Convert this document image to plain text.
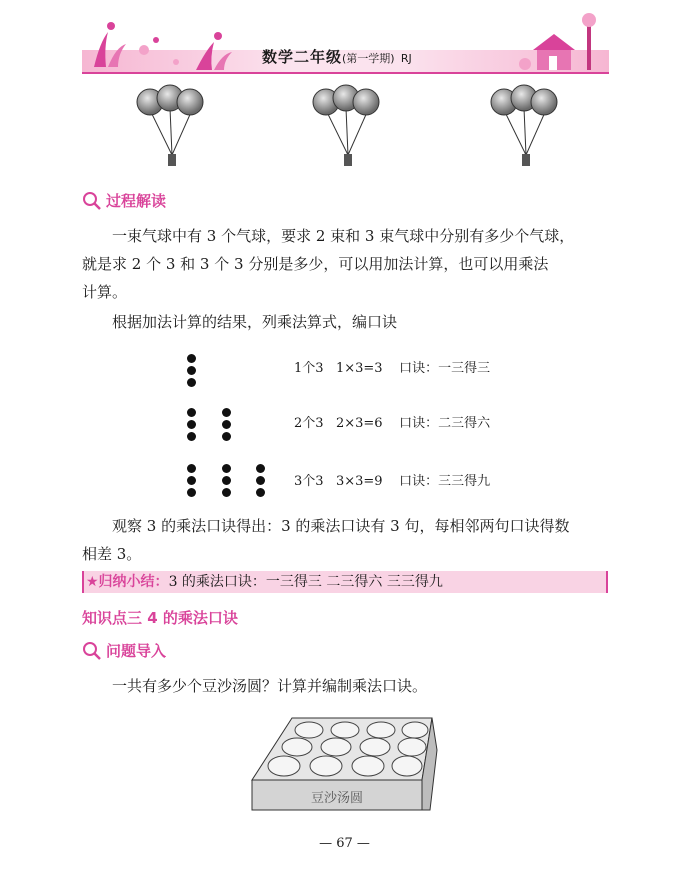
数学二年级(第一学期) RJ
过程解读
一束气球中有 3 个气球，要求 2 束和 3 束气球中分别有多少个气球，
就是求 2 个 3 和 3 个 3 分别是多少，可以用加法计算，也可以用乘法
计算。
根据加法计算的结果，列乘法算式，编口诀
1个3   1×3=3    口诀：一三得三
2个3   2×3=6    口诀：二三得六
3个3   3×3=9    口诀：三三得九
观察 3 的乘法口诀得出：3 的乘法口诀有 3 句，每相邻两句口诀得数
相差 3。
★归纳小结：3 的乘法口诀：一三得三 二三得六 三三得九
知识点三 4 的乘法口诀
问题导入
一共有多少个豆沙汤圆？计算并编制乘法口诀。
豆沙汤圆
— 67 —
